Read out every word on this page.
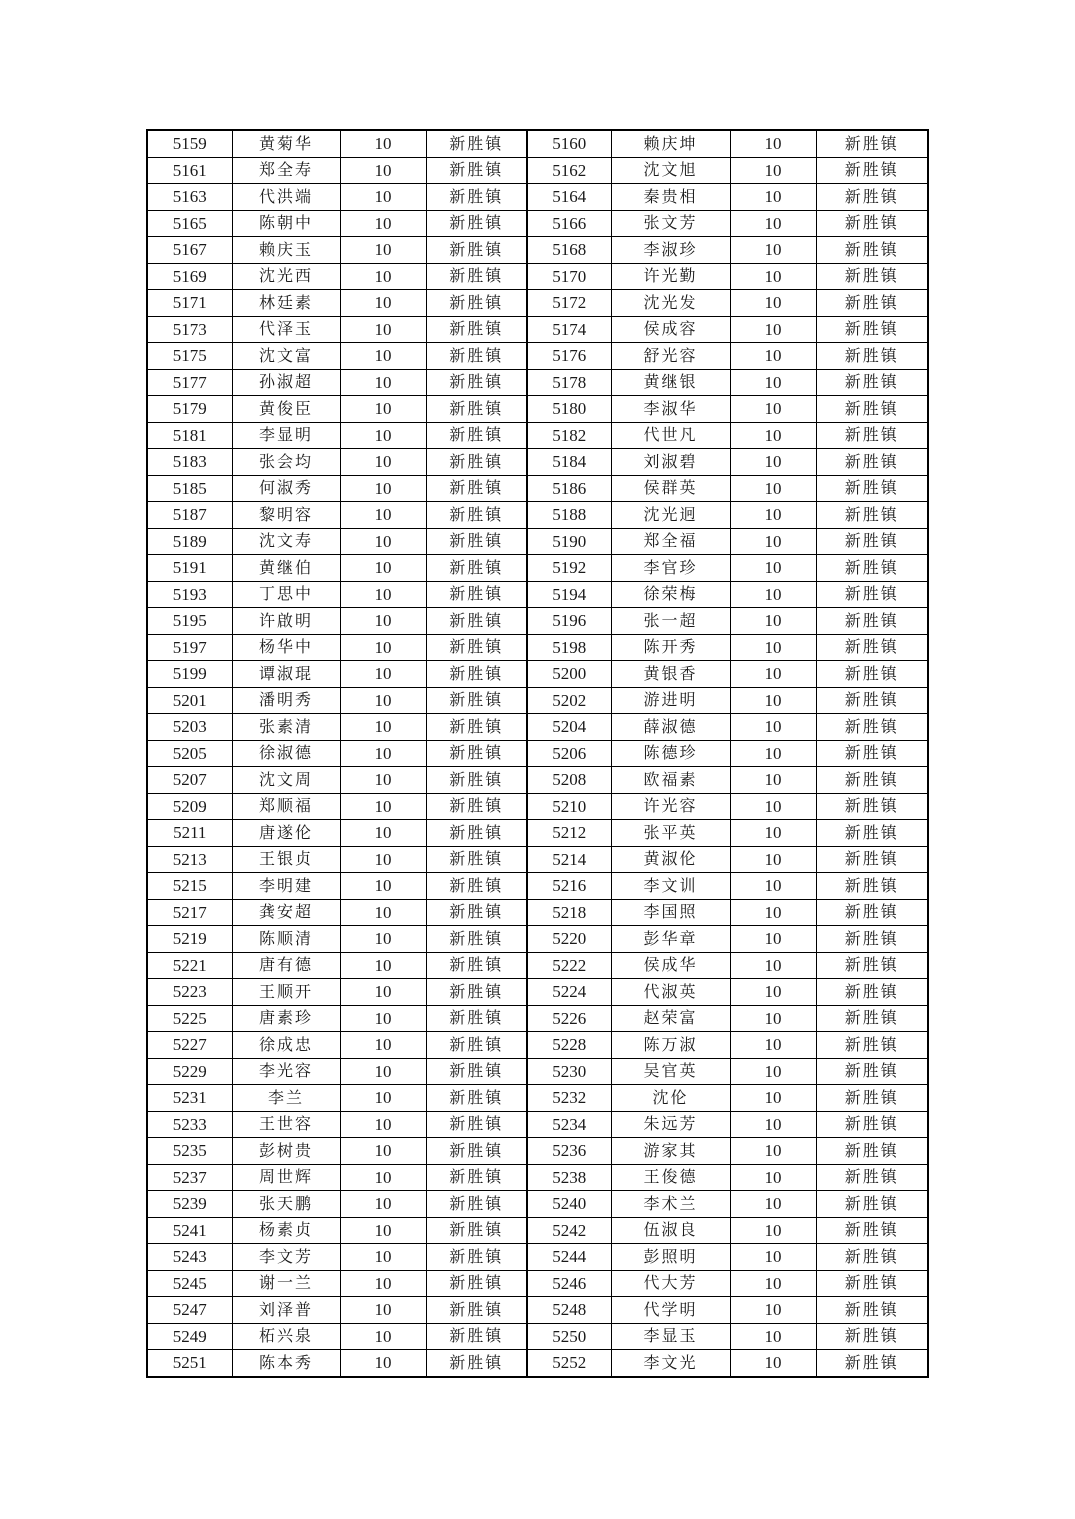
5159	黄菊华	10	新胜镇	5160	赖庆坤	10	新胜镇
5161	郑全寿	10	新胜镇	5162	沈文旭	10	新胜镇
5163	代洪端	10	新胜镇	5164	秦贵相	10	新胜镇
5165	陈朝中	10	新胜镇	5166	张文芳	10	新胜镇
5167	赖庆玉	10	新胜镇	5168	李淑珍	10	新胜镇
5169	沈光西	10	新胜镇	5170	许光勤	10	新胜镇
5171	林廷素	10	新胜镇	5172	沈光发	10	新胜镇
5173	代泽玉	10	新胜镇	5174	侯成容	10	新胜镇
5175	沈文富	10	新胜镇	5176	舒光容	10	新胜镇
5177	孙淑超	10	新胜镇	5178	黄继银	10	新胜镇
5179	黄俊臣	10	新胜镇	5180	李淑华	10	新胜镇
5181	李显明	10	新胜镇	5182	代世凡	10	新胜镇
5183	张会均	10	新胜镇	5184	刘淑碧	10	新胜镇
5185	何淑秀	10	新胜镇	5186	侯群英	10	新胜镇
5187	黎明容	10	新胜镇	5188	沈光迥	10	新胜镇
5189	沈文寿	10	新胜镇	5190	郑全福	10	新胜镇
5191	黄继伯	10	新胜镇	5192	李官珍	10	新胜镇
5193	丁思中	10	新胜镇	5194	徐荣梅	10	新胜镇
5195	许啟明	10	新胜镇	5196	张一超	10	新胜镇
5197	杨华中	10	新胜镇	5198	陈开秀	10	新胜镇
5199	谭淑琨	10	新胜镇	5200	黄银香	10	新胜镇
5201	潘明秀	10	新胜镇	5202	游进明	10	新胜镇
5203	张素清	10	新胜镇	5204	薛淑德	10	新胜镇
5205	徐淑德	10	新胜镇	5206	陈德珍	10	新胜镇
5207	沈文周	10	新胜镇	5208	欧福素	10	新胜镇
5209	郑顺福	10	新胜镇	5210	许光容	10	新胜镇
5211	唐遂伦	10	新胜镇	5212	张平英	10	新胜镇
5213	王银贞	10	新胜镇	5214	黄淑伦	10	新胜镇
5215	李明建	10	新胜镇	5216	李文训	10	新胜镇
5217	龚安超	10	新胜镇	5218	李国照	10	新胜镇
5219	陈顺清	10	新胜镇	5220	彭华章	10	新胜镇
5221	唐有德	10	新胜镇	5222	侯成华	10	新胜镇
5223	王顺开	10	新胜镇	5224	代淑英	10	新胜镇
5225	唐素珍	10	新胜镇	5226	赵荣富	10	新胜镇
5227	徐成忠	10	新胜镇	5228	陈万淑	10	新胜镇
5229	李光容	10	新胜镇	5230	吴官英	10	新胜镇
5231	李兰	10	新胜镇	5232	沈伦	10	新胜镇
5233	王世容	10	新胜镇	5234	朱远芳	10	新胜镇
5235	彭树贵	10	新胜镇	5236	游家其	10	新胜镇
5237	周世辉	10	新胜镇	5238	王俊德	10	新胜镇
5239	张天鹏	10	新胜镇	5240	李术兰	10	新胜镇
5241	杨素贞	10	新胜镇	5242	伍淑良	10	新胜镇
5243	李文芳	10	新胜镇	5244	彭照明	10	新胜镇
5245	谢一兰	10	新胜镇	5246	代大芳	10	新胜镇
5247	刘泽普	10	新胜镇	5248	代学明	10	新胜镇
5249	柘兴泉	10	新胜镇	5250	李显玉	10	新胜镇
5251	陈本秀	10	新胜镇	5252	李文光	10	新胜镇
